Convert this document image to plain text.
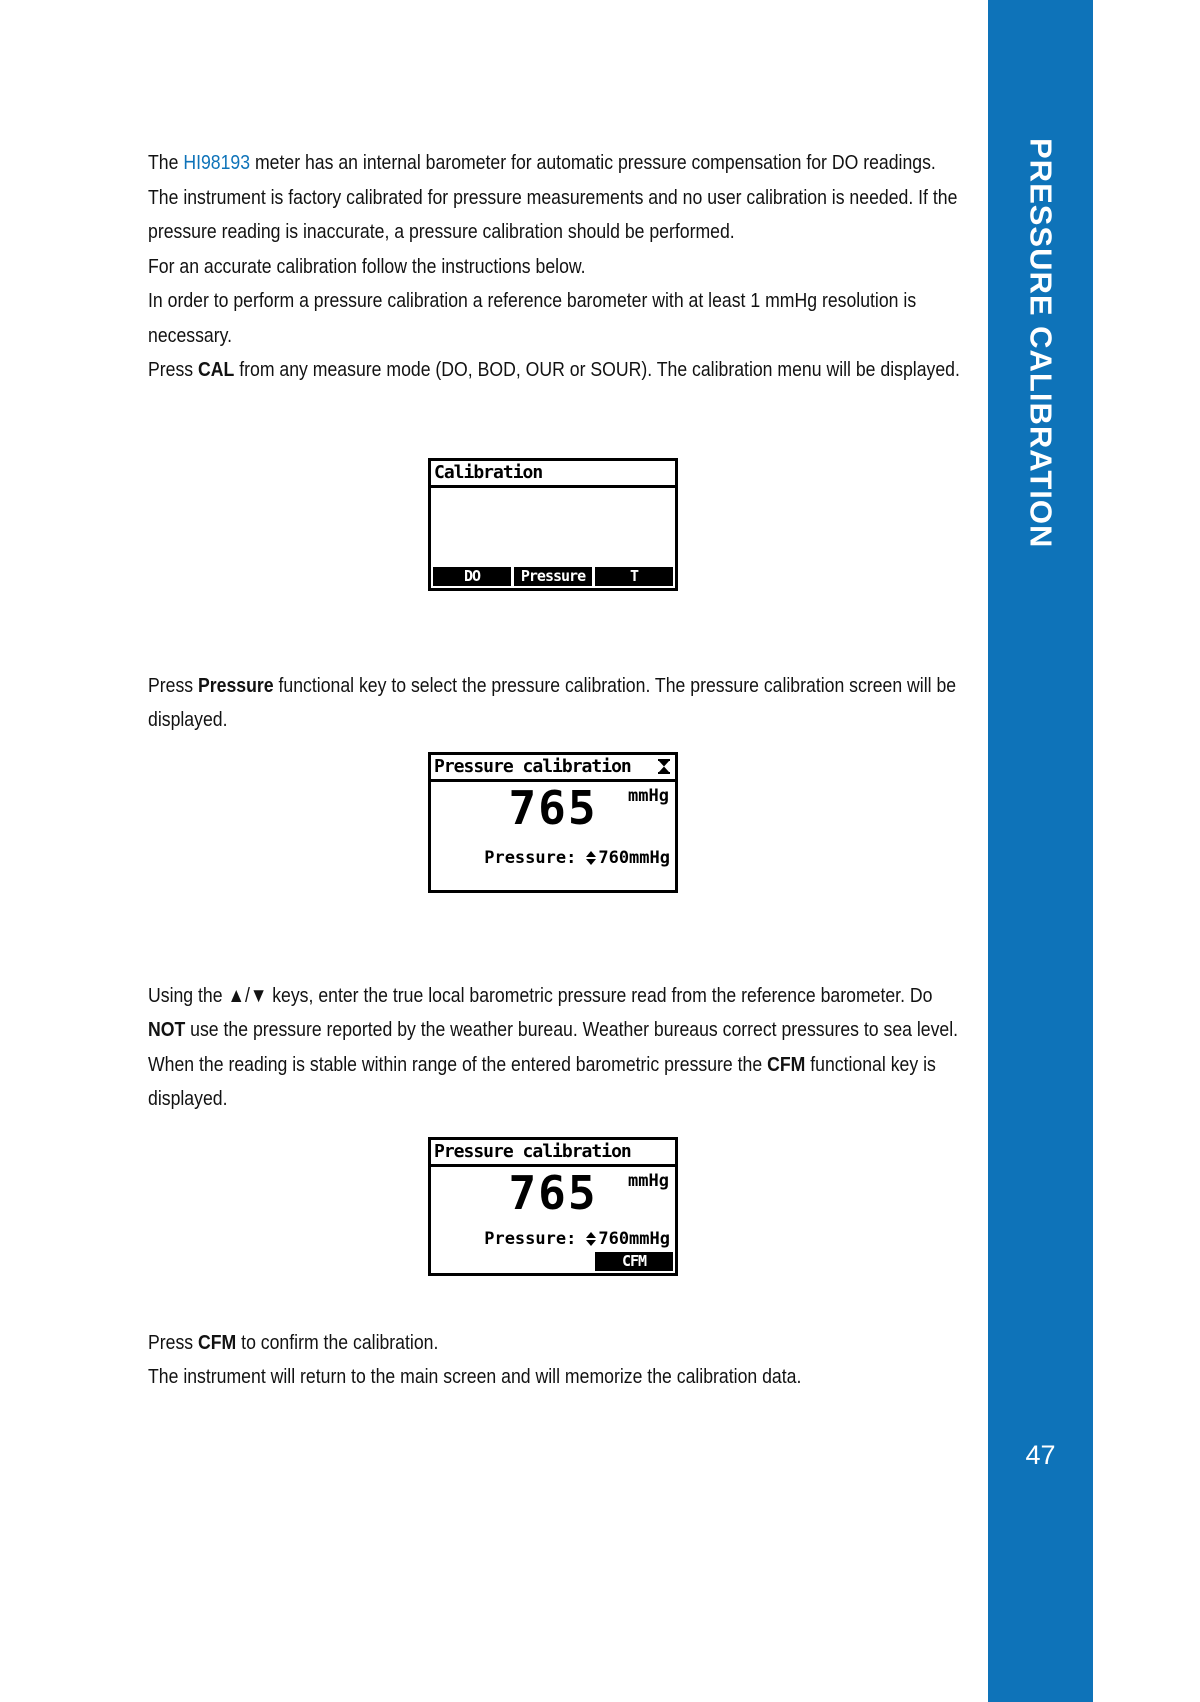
The HI98193 meter has an internal barometer for automatic pressure compensation for DO readings. The instrument is factory calibrated for pressure measurements and no user calibration is needed. If the pressure reading is inaccurate, a pressure calibration should be performed.

For an accurate calibration follow the instructions below.

In order to perform a pressure calibration a reference barometer with at least 1 mmHg resolution is necessary.

Press CAL from any measure mode (DO, BOD, OUR or SOUR). The calibration menu will be displayed.

Calibration
DO	Pressure	T

Press Pressure functional key to select the pressure calibration. The pressure calibration screen will be displayed.

Pressure calibration
765 mmHg
Pressure: 760mmHg

Using the ▲/▼ keys, enter the true local barometric pressure read from the reference barometer. Do NOT use the pressure reported by the weather bureau. Weather bureaus correct pressures to sea level. When the reading is stable within range of the entered barometric pressure the CFM functional key is displayed.

Pressure calibration
765 mmHg
Pressure: 760mmHg
CFM

Press CFM to confirm the calibration.

The instrument will return to the main screen and will memorize the calibration data.

PRESSURE CALIBRATION
47
